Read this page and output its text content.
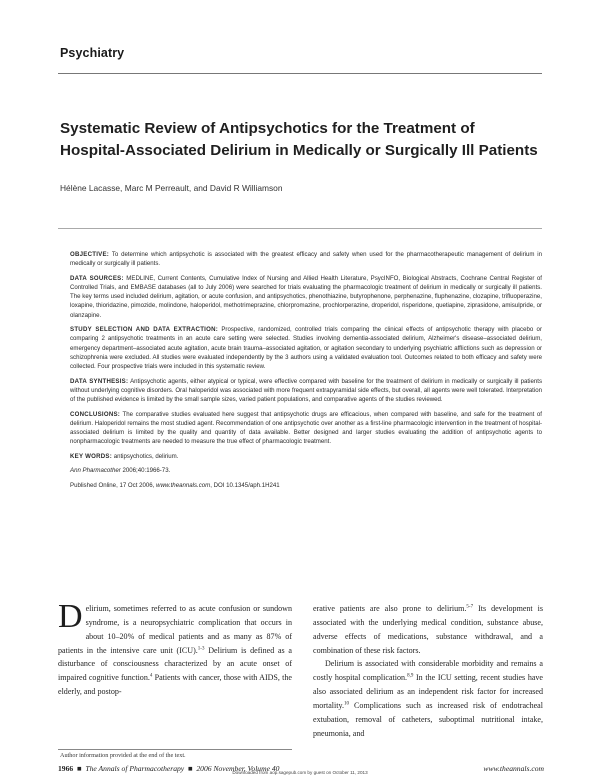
Psychiatry
Systematic Review of Antipsychotics for the Treatment of
Hospital-Associated Delirium in Medically or Surgically Ill Patients
Hélène Lacasse, Marc M Perreault, and David R Williamson

OBJECTIVE: To determine which antipsychotic is associated with the greatest efficacy and safety when used for the pharmacotherapeutic management of delirium in medically or surgically ill patients.

DATA SOURCES: MEDLINE, Current Contents, Cumulative Index of Nursing and Allied Health Literature, PsycINFO, Biological Abstracts, Cochrane Central Register of Controlled Trials, and EMBASE databases (all to July 2006) were searched for trials evaluating the pharmacologic treatment of delirium in medically or surgically ill patients. The key terms used included delirium, agitation, or acute confusion, and antipsychotics, phenothiazine, butyrophenone, perphenazine, fluphenazine, clozapine, trifluoperazine, loxapine, thioridazine, pimozide, molindone, haloperidol, methotrimeprazine, chlorpromazine, prochlorperazine, droperidol, risperidone, quetiapine, ziprasidone, amisulpride, or olanzapine.

STUDY SELECTION AND DATA EXTRACTION: Prospective, randomized, controlled trials comparing the clinical effects of antipsychotic therapy with placebo or comparing 2 antipsychotic treatments in an acute care setting were selected. Studies involving dementia-associated delirium, Alzheimer's disease–associated delirium, emergency department–associated acute agitation, acute brain trauma–associated agitation, or agitation secondary to underlying psychiatric afflictions such as depression or schizophrenia were excluded. All studies were evaluated independently by the 3 authors using a validated evaluation tool. Outcomes related to both efficacy and safety were collected. Four prospective trials were included in this systematic review.

DATA SYNTHESIS: Antipsychotic agents, either atypical or typical, were effective compared with baseline for the treatment of delirium in medically or surgically ill patients without underlying cognitive disorders. Oral haloperidol was associated with more frequent extrapyramidal side effects, but overall, all agents were well tolerated. Interpretation of the published evidence is limited by the small sample sizes, varied patient populations, and comparative agents of the studies reviewed.

CONCLUSIONS: The comparative studies evaluated here suggest that antipsychotic drugs are efficacious, when compared with baseline, and safe for the treatment of delirium. Haloperidol remains the most studied agent. Recommendation of one antipsychotic over another as a first-line pharmacologic intervention in the treatment of hospital-associated delirium is limited by the quality and quantity of data available. Better designed and larger studies evaluating the addition of antipsychotic agents to nonpharmacologic treatments are needed to measure the true effect of pharmacologic treatment.

KEY WORDS: antipsychotics, delirium.

Ann Pharmacother 2006;40:1966-73.

Published Online, 17 Oct 2006, www.theannals.com, DOI 10.1345/aph.1H241

Delirium, sometimes referred to as acute confusion or sundown syndrome, is a neuropsychiatric complication that occurs in about 10–20% of medical patients and as many as 87% of patients in the intensive care unit (ICU).$^{1-3}$ Delirium is defined as a disturbance of consciousness characterized by an acute onset of impaired cognitive function.$^4$ Patients with cancer, those with AIDS, the elderly, and postop-

erative patients are also prone to delirium.$^{5-7}$ Its development is associated with the underlying medical condition, substance abuse, adverse effects of medications, substance withdrawal, and a combination of these risk factors.

Delirium is associated with considerable morbidity and remains a costly hospital complication.$^{8,9}$ In the ICU setting, recent studies have also associated delirium as an independent risk factor for increased mortality.$^{10}$ Complications such as increased risk of endotracheal extubation, removal of catheters, suboptimal nutritional intake, pneumonia, and

Author information provided at the end of the text.
1966 ■ The Annals of Pharmacotherapy ■ 2006 November, Volume 40	www.theannals.com
Downloaded from aop.sagepub.com by guest on October 11, 2013
